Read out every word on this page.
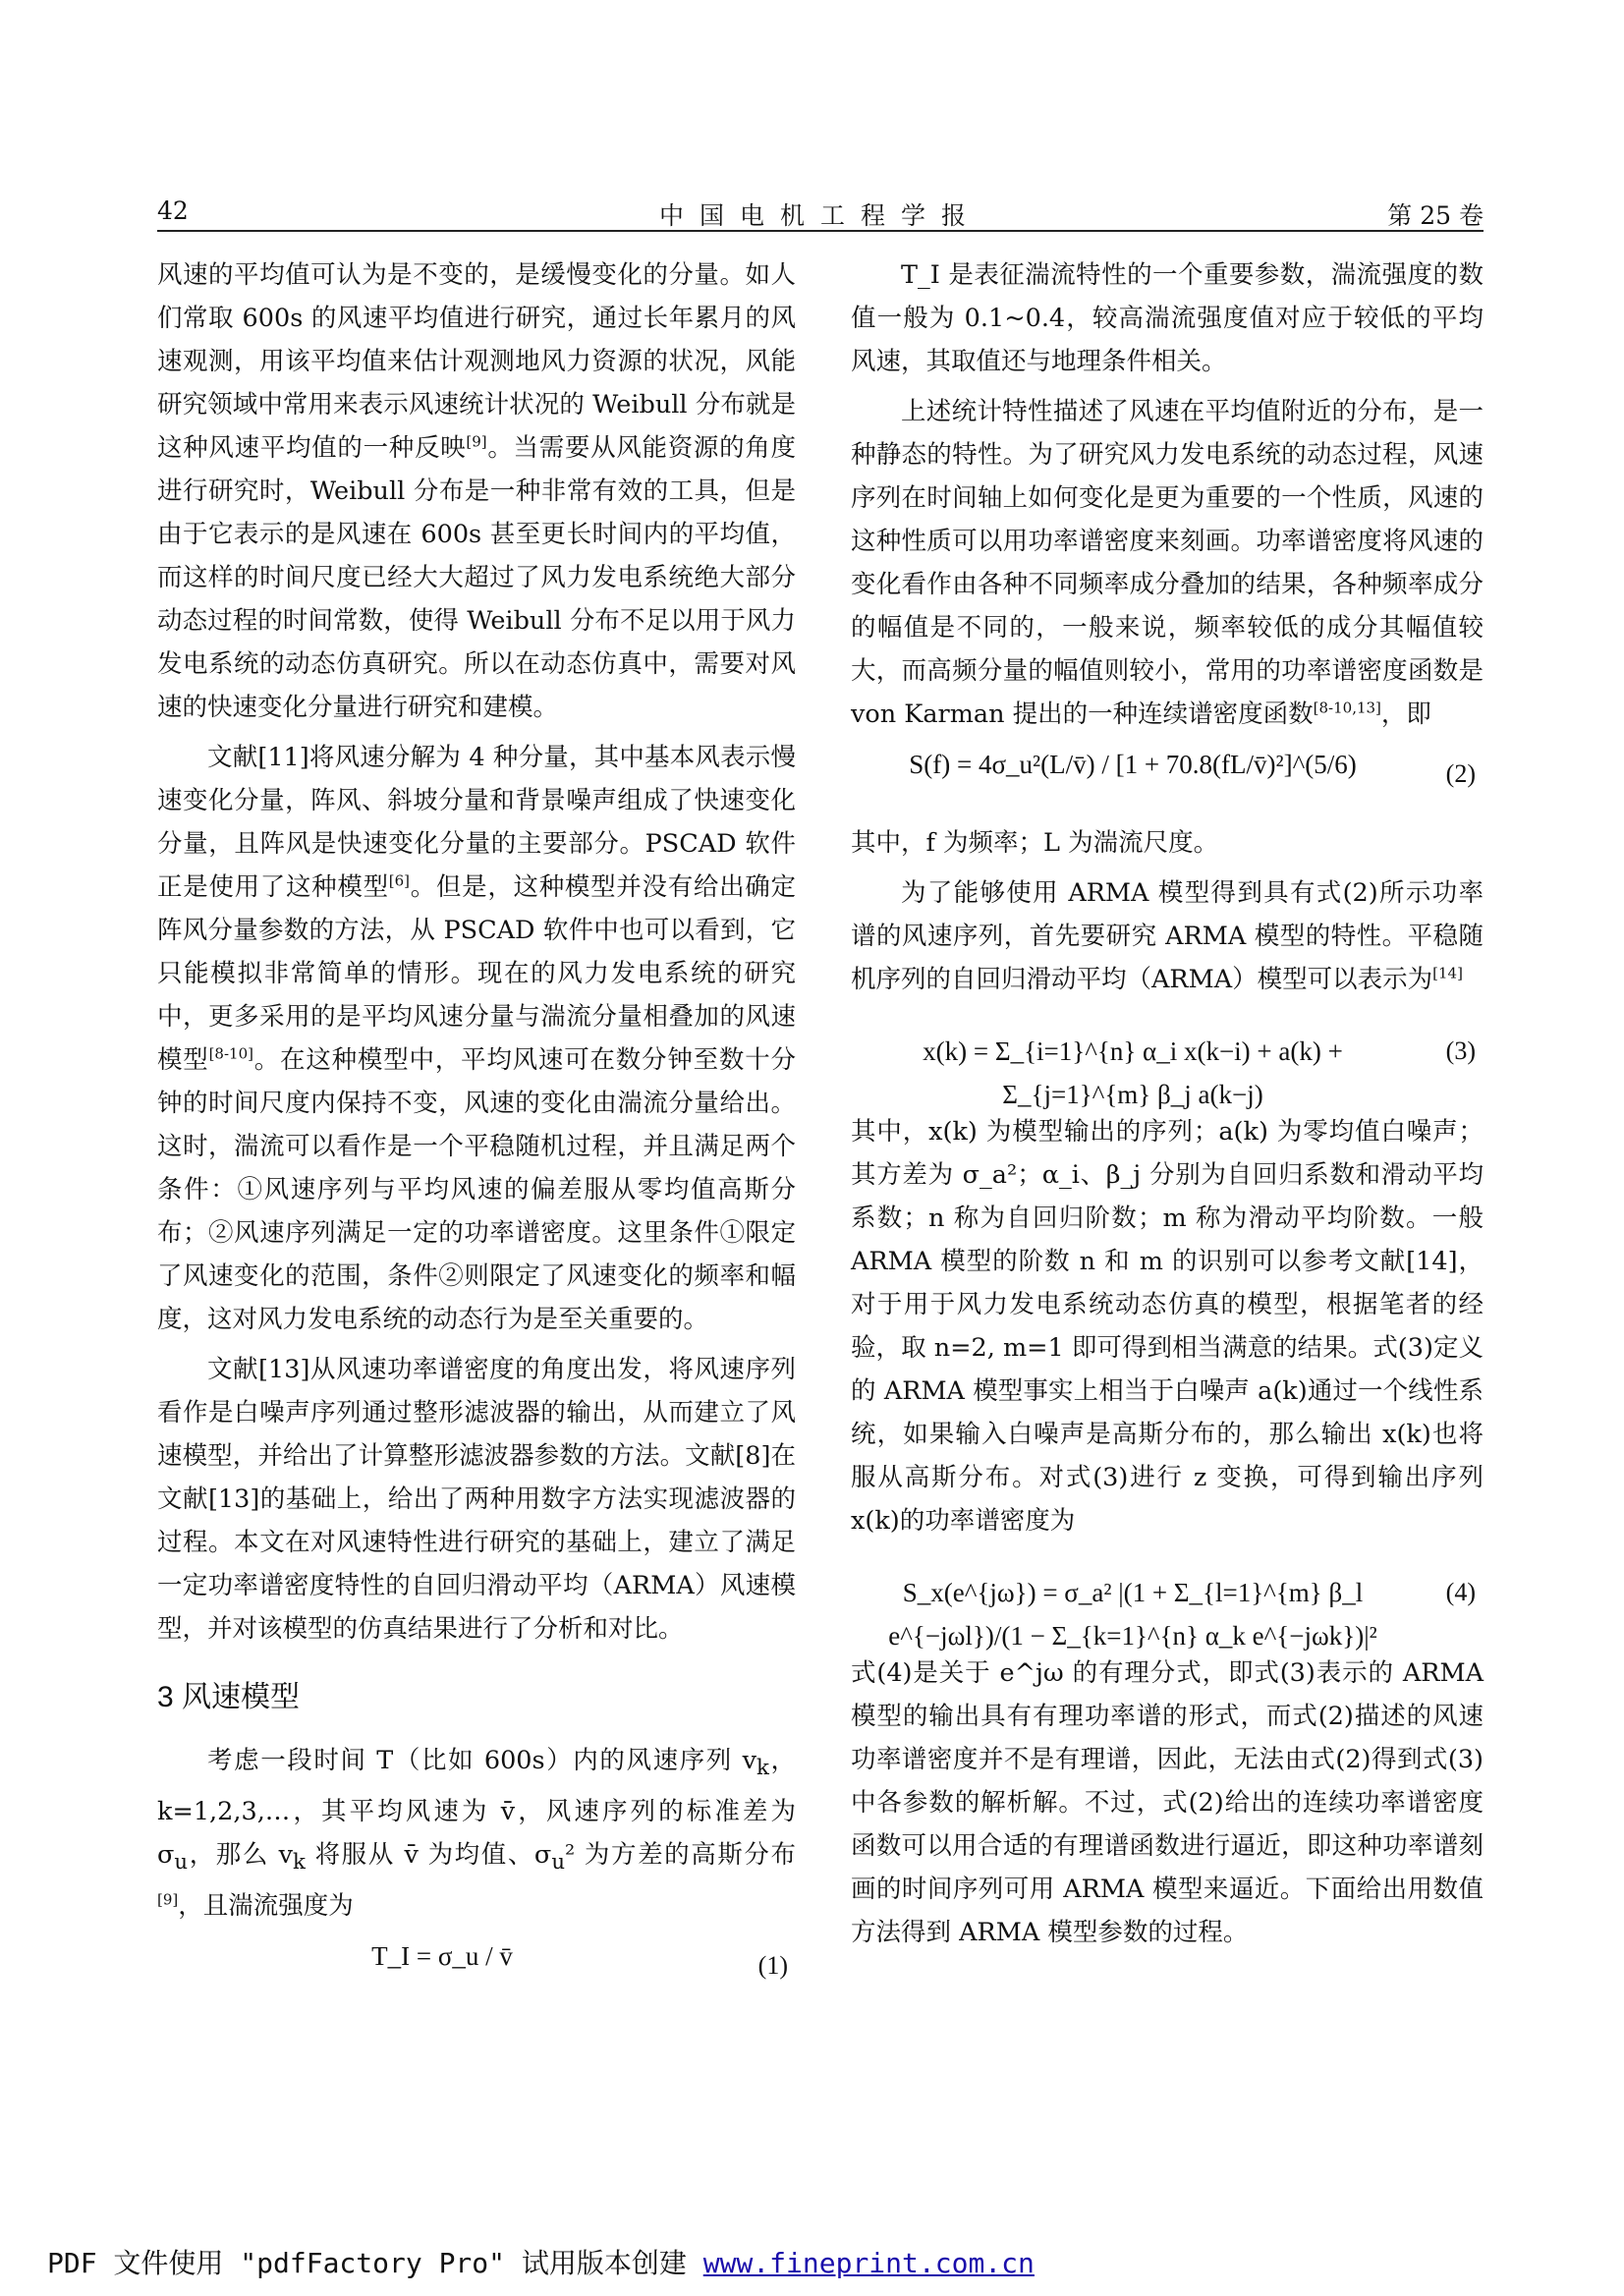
42	中国电机工程学报	第 25 卷

风速的平均值可认为是不变的，是缓慢变化的分量。如人们常取 600s 的风速平均值进行研究，通过长年累月的风速观测，用该平均值来估计观测地风力资源的状况，风能研究领域中常用来表示风速统计状况的 Weibull 分布就是这种风速平均值的一种反映[9]。当需要从风能资源的角度进行研究时，Weibull 分布是一种非常有效的工具，但是由于它表示的是风速在 600s 甚至更长时间内的平均值，而这样的时间尺度已经大大超过了风力发电系统绝大部分动态过程的时间常数，使得 Weibull 分布不足以用于风力发电系统的动态仿真研究。所以在动态仿真中，需要对风速的快速变化分量进行研究和建模。

文献[11]将风速分解为 4 种分量，其中基本风表示慢速变化分量，阵风、斜坡分量和背景噪声组成了快速变化分量，且阵风是快速变化分量的主要部分。PSCAD 软件正是使用了这种模型[6]。但是，这种模型并没有给出确定阵风分量参数的方法，从 PSCAD 软件中也可以看到，它只能模拟非常简单的情形。现在的风力发电系统的研究中，更多采用的是平均风速分量与湍流分量相叠加的风速模型[8-10]。在这种模型中，平均风速可在数分钟至数十分钟的时间尺度内保持不变，风速的变化由湍流分量给出。这时，湍流可以看作是一个平稳随机过程，并且满足两个条件：①风速序列与平均风速的偏差服从零均值高斯分布；②风速序列满足一定的功率谱密度。这里条件①限定了风速变化的范围，条件②则限定了风速变化的频率和幅度，这对风力发电系统的动态行为是至关重要的。

文献[13]从风速功率谱密度的角度出发，将风速序列看作是白噪声序列通过整形滤波器的输出，从而建立了风速模型，并给出了计算整形滤波器参数的方法。文献[8]在文献[13]的基础上，给出了两种用数字方法实现滤波器的过程。本文在对风速特性进行研究的基础上，建立了满足一定功率谱密度特性的自回归滑动平均（ARMA）风速模型，并对该模型的仿真结果进行了分析和对比。

3 风速模型

考虑一段时间 T（比如 600s）内的风速序列 $v_k$，k=1,2,3,…，其平均风速为 v̄，风速序列的标准差为 $\sigma_u$，那么 $v_k$ 将服从 v̄ 为均值、$\sigma_u^2$ 为方差的高斯分布[9]，且湍流强度为

T_I = σ_u / v̄	(1)

T_I 是表征湍流特性的一个重要参数，湍流强度的数值一般为 0.1~0.4，较高湍流强度值对应于较低的平均风速，其取值还与地理条件相关。

上述统计特性描述了风速在平均值附近的分布，是一种静态的特性。为了研究风力发电系统的动态过程，风速序列在时间轴上如何变化是更为重要的一个性质，风速的这种性质可以用功率谱密度来刻画。功率谱密度将风速的变化看作由各种不同频率成分叠加的结果，各种频率成分的幅值是不同的，一般来说，频率较低的成分其幅值较大，而高频分量的幅值则较小，常用的功率谱密度函数是 von Karman 提出的一种连续谱密度函数[8-10,13]，即

S(f) = 4σ_u²(L/v̄) / [1 + 70.8(fL/v̄)²]^(5/6)	(2)

其中，f 为频率；L 为湍流尺度。

为了能够使用 ARMA 模型得到具有式(2)所示功率谱的风速序列，首先要研究 ARMA 模型的特性。平稳随机序列的自回归滑动平均（ARMA）模型可以表示为[14]

x(k) = Σ_{i=1}^{n} α_i x(k−i) + a(k) + Σ_{j=1}^{m} β_j a(k−j)
(3)

其中，x(k) 为模型输出的序列；a(k) 为零均值白噪声；其方差为 σ_a²；α_i、β_j 分别为自回归系数和滑动平均系数；n 称为自回归阶数；m 称为滑动平均阶数。一般 ARMA 模型的阶数 n 和 m 的识别可以参考文献[14]，对于用于风力发电系统动态仿真的模型，根据笔者的经验，取 n=2, m=1 即可得到相当满意的结果。式(3)定义的 ARMA 模型事实上相当于白噪声 a(k)通过一个线性系统，如果输入白噪声是高斯分布的，那么输出 x(k)也将服从高斯分布。对式(3)进行 z 变换，可得到输出序列 x(k)的功率谱密度为

S_x(e^{jω}) = σ_a² |(1 + Σ_{l=1}^{m} β_l e^{−jωl})/(1 − Σ_{k=1}^{n} α_k e^{−jωk})|²
(4)

式(4)是关于 e^jω 的有理分式，即式(3)表示的 ARMA 模型的输出具有有理功率谱的形式，而式(2)描述的风速功率谱密度并不是有理谱，因此，无法由式(2)得到式(3)中各参数的解析解。不过，式(2)给出的连续功率谱密度函数可以用合适的有理谱函数进行逼近，即这种功率谱刻画的时间序列可用 ARMA 模型来逼近。下面给出用数值方法得到 ARMA 模型参数的过程。

PDF 文件使用 "pdfFactory Pro" 试用版本创建 www.fineprint.com.cn
